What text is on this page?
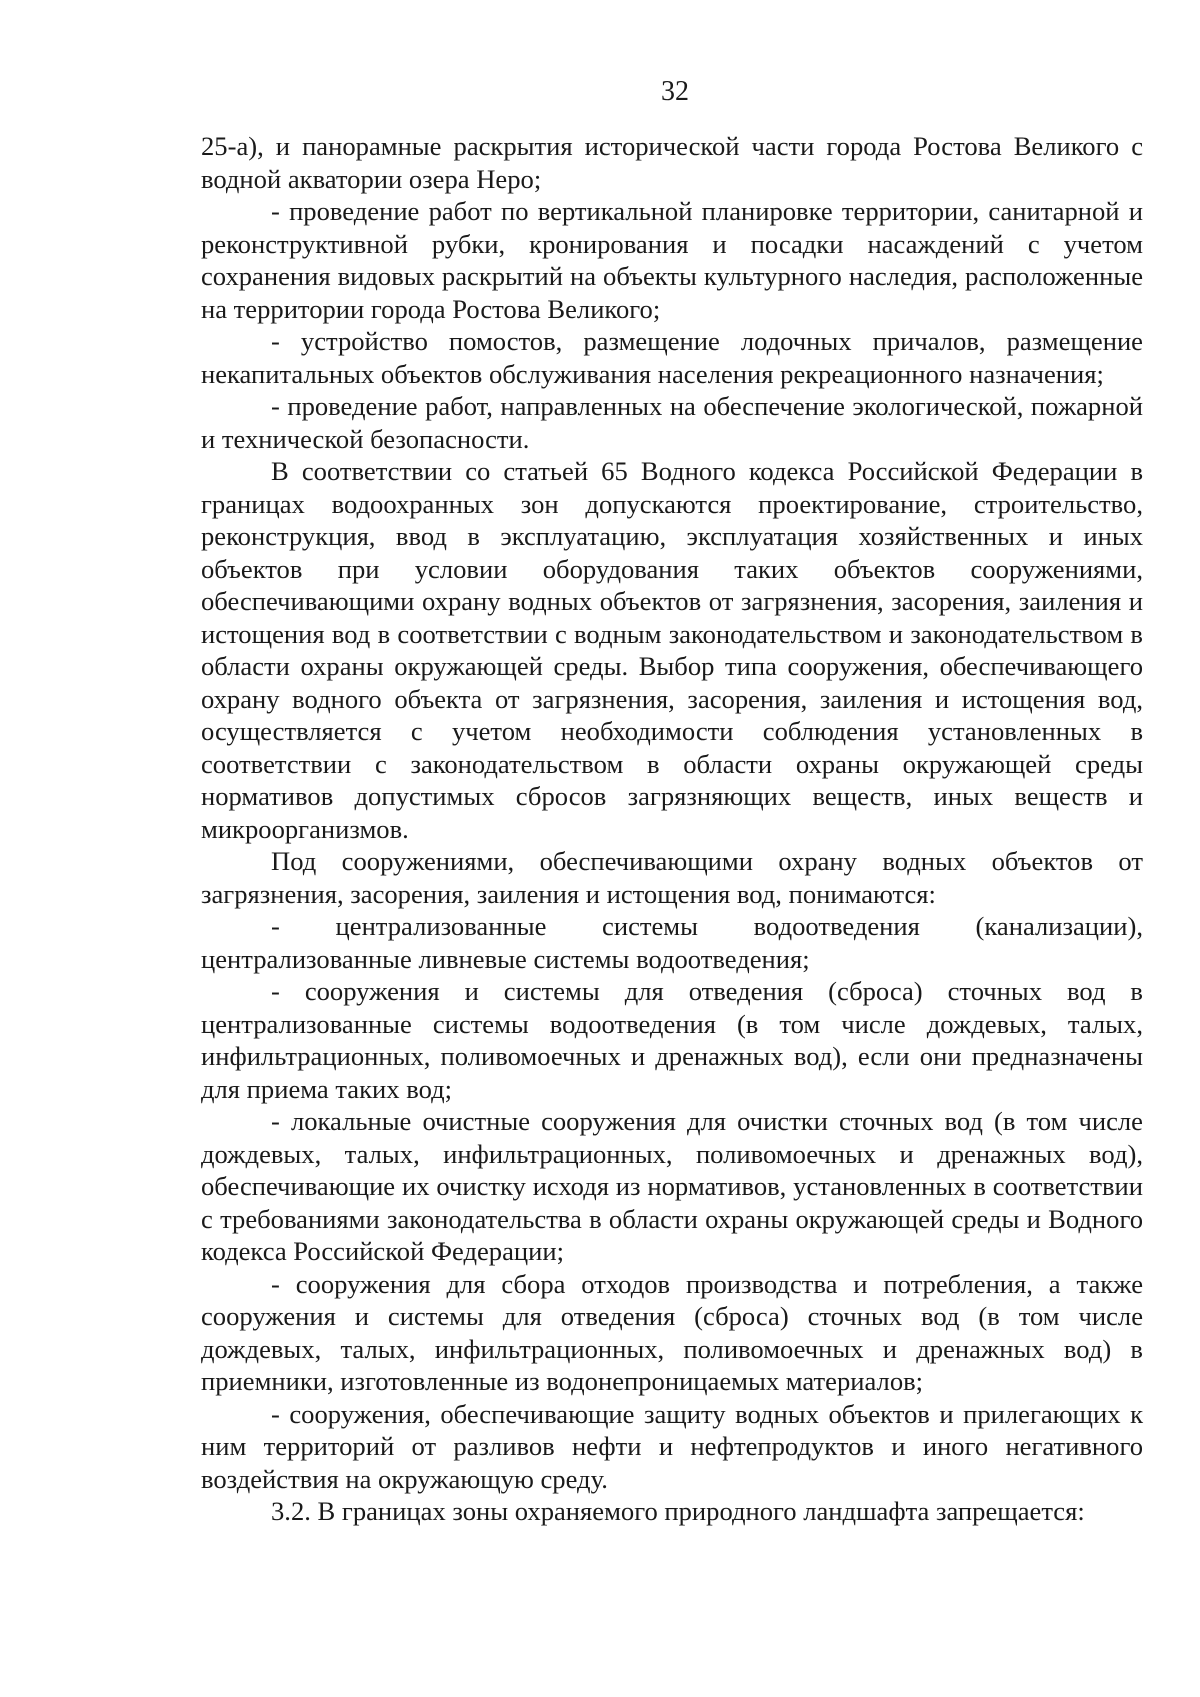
32

25-а), и панорамные раскрытия исторической части города Ростова Великого с водной акватории озера Неро;

- проведение работ по вертикальной планировке территории, санитарной и реконструктивной рубки, кронирования и посадки насаждений с учетом сохранения видовых раскрытий на объекты культурного наследия, расположенные на территории города Ростова Великого;

- устройство помостов, размещение лодочных причалов, размещение некапитальных объектов обслуживания населения рекреационного назначения;

- проведение работ, направленных на обеспечение экологической, пожарной и технической безопасности.

В соответствии со статьей 65 Водного кодекса Российской Федерации в границах водоохранных зон допускаются проектирование, строительство, реконструкция, ввод в эксплуатацию, эксплуатация хозяйственных и иных объектов при условии оборудования таких объектов сооружениями, обеспечивающими охрану водных объектов от загрязнения, засорения, заиления и истощения вод в соответствии с водным законодательством и законодательством в области охраны окружающей среды. Выбор типа сооружения, обеспечивающего охрану водного объекта от загрязнения, засорения, заиления и истощения вод, осуществляется с учетом необходимости соблюдения установленных в соответствии с законодательством в области охраны окружающей среды нормативов допустимых сбросов загрязняющих веществ, иных веществ и микроорганизмов.

Под сооружениями, обеспечивающими охрану водных объектов от загрязнения, засорения, заиления и истощения вод, понимаются:

- централизованные системы водоотведения (канализации), централизованные ливневые системы водоотведения;

- сооружения и системы для отведения (сброса) сточных вод в централизованные системы водоотведения (в том числе дождевых, талых, инфильтрационных, поливомоечных и дренажных вод), если они предназначены для приема таких вод;

- локальные очистные сооружения для очистки сточных вод (в том числе дождевых, талых, инфильтрационных, поливомоечных и дренажных вод), обеспечивающие их очистку исходя из нормативов, установленных в соответствии с требованиями законодательства в области охраны окружающей среды и Водного кодекса Российской Федерации;

- сооружения для сбора отходов производства и потребления, а также сооружения и системы для отведения (сброса) сточных вод (в том числе дождевых, талых, инфильтрационных, поливомоечных и дренажных вод) в приемники, изготовленные из водонепроницаемых материалов;

- сооружения, обеспечивающие защиту водных объектов и прилегающих к ним территорий от разливов нефти и нефтепродуктов и иного негативного воздействия на окружающую среду.

3.2. В границах зоны охраняемого природного ландшафта запрещается:
